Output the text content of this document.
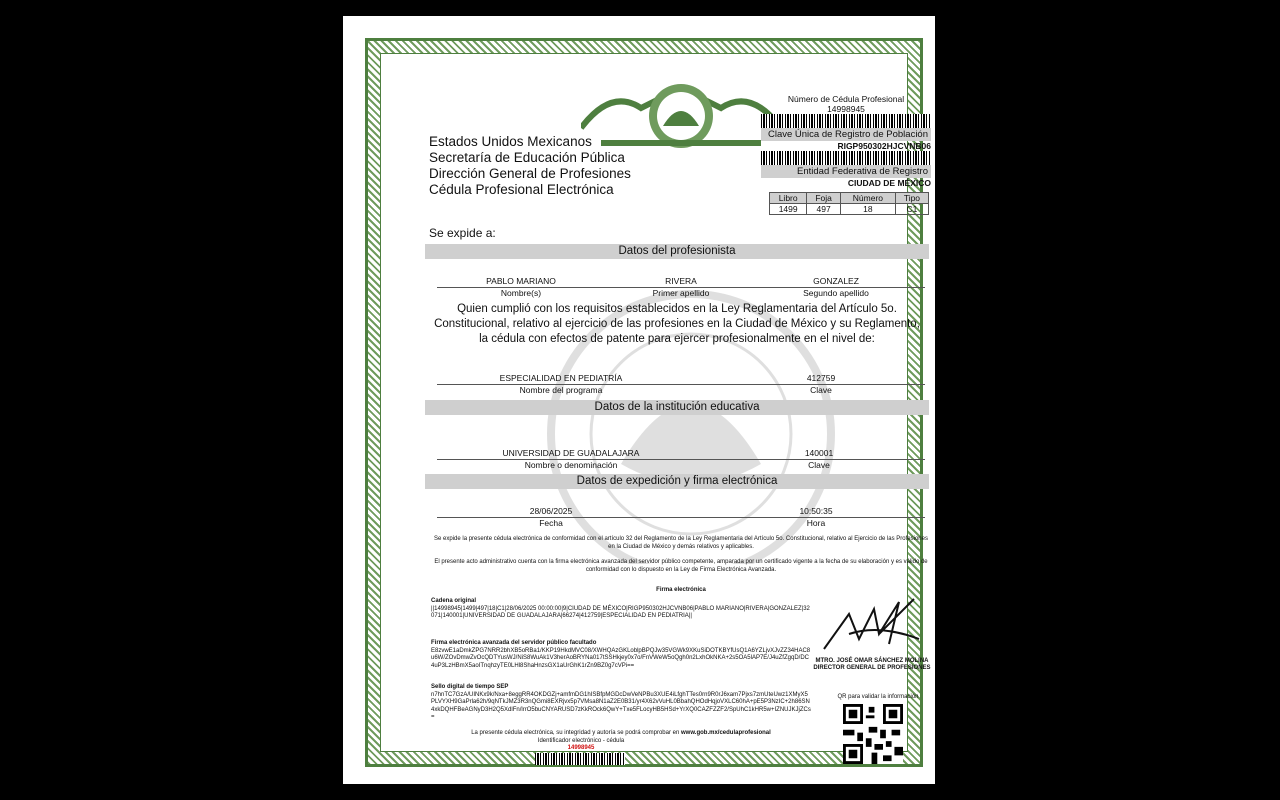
Estados Unidos Mexicanos
Secretaría de Educación Pública
Dirección General de Profesiones
Cédula Profesional Electrónica
Número de Cédula Profesional
14998945
Clave Única de Registro de Población
RIGP950302HJCVNB06
Entidad Federativa de Registro
CIUDAD DE MÉXICO
Libro	Foja	Número	Tipo
1499	497	18	C1
Se expide a:
Datos del profesionista
PABLO MARIANO
Nombre(s)
RIVERA
Primer apellido
GONZALEZ
Segundo apellido
Quien cumplió con los requisitos establecidos en la Ley Reglamentaria del Artículo 5o.
Constitucional, relativo al ejercicio de las profesiones en la Ciudad de México y su Reglamento,
la cédula con efectos de patente para ejercer profesionalmente en el nivel de:
ESPECIALIDAD EN PEDIATRÍA
Nombre del programa
412759
Clave
Datos de la institución educativa
UNIVERSIDAD DE GUADALAJARA
Nombre o denominación
140001
Clave
Datos de expedición y firma electrónica
28/06/2025
Fecha
10:50:35
Hora
Se expide la presente cédula electrónica de conformidad con el artículo 32 del Reglamento de la Ley Reglamentaria del Artículo 5o. Constitucional, relativo al Ejercicio de las Profesiones en la Ciudad de México y demás relativos y aplicables.
El presente acto administrativo cuenta con la firma electrónica avanzada del servidor público competente, amparada por un certificado vigente a la fecha de su elaboración y es válido de conformidad con lo dispuesto en la Ley de Firma Electrónica Avanzada.
Firma electrónica
Cadena original
||14998945|1499|497|18|C1|28/06/2025 00:00:00|9|CIUDAD DE MÉXICO|RIGP950302HJCVNB06|PABLO MARIANO|RIVERA|GONZALEZ|32071|140001|UNIVERSIDAD DE GUADALAJARA|66274|412759|ESPECIALIDAD EN PEDIATRIA||
Firma electrónica avanzada del servidor público facultado
E8zvwE1aDmkZPG7NRR2bhXB5oRBa1/KKP19HkdMVC08/XWHQAzGKLoblpBPQJw35VGWk9XKuSiDOTKBYfUsQ1A6YZLjvXJvZZ34HAC8u6W/ZOvDmwZvOcQDTYusWJ/NiS8WuAk1V3herAoBRYNa017tSSHkjey0x7o/FnVWeW5oQgh0n2LxhOkNKA+2s5OA5lAP7E/J4uZfZgqD/DC4uP3LzHBmX5aoITnqhzyTE0LHl8ShaHnzsGX1aUrGhK1rZn9BZ0g7cVPi==
Sello digital de tiempo SEP
n7hnTC7GzA/UINKx9k/Nxa+8eggRR4OKDGZj+amfmDG1hISBfpMGDcDwVeNPBu3XUE4iLfghTTes0rn9R0rJ6xam7Pjxs7zmUteUwz1XMyX5PLVYXH9GaPrla62h/9qNTkJMZ3R3nQGmi8EXRjvx5p7VMsa8N1aZ2E0B31/yr4X62vVuHL0BbahQHOdHqjoVXLC60hA+pE5P3NzIC+2h86SN4xkDQHFBeAGNyD3H2Q5XdlFn/lrrO5buCNYARUSD7zKkROck6QwY+Txe5FLocyHB5HSd+YrXQ0CAZFZZF2/SpUhC1kHR5w+IZNUJKJjZCs=
MTRO. JOSÉ OMAR SÁNCHEZ MOLINA
DIRECTOR GENERAL DE PROFESIONES
QR para validar la información
La presente cédula electrónica, su integridad y autoría se podrá comprobar en www.gob.mx/cedulaprofesional
Identificador electrónico - cédula
14998945
